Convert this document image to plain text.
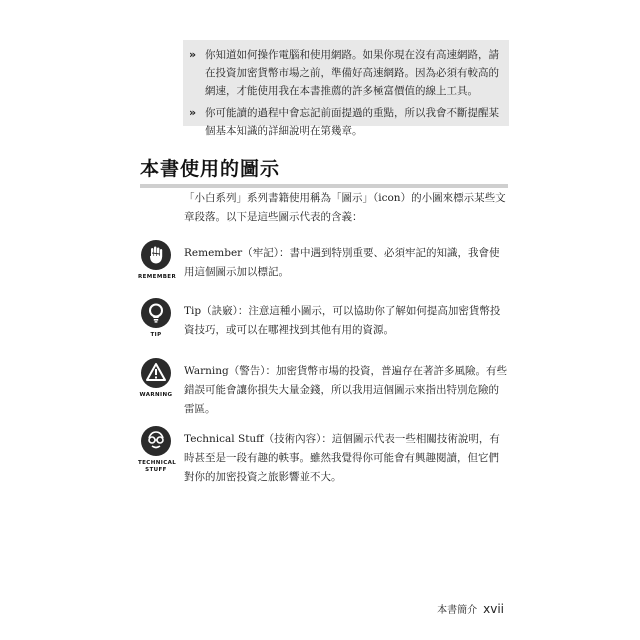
» 你知道如何操作電腦和使用網路。如果你現在沒有高速網路，請在投資加密貨幣市場之前，準備好高速網路。因為必須有較高的網速，才能使用我在本書推薦的許多極富價值的線上工具。
» 你可能讀的過程中會忘記前面提過的重點，所以我會不斷提醒某個基本知識的詳細說明在第幾章。
本書使用的圖示
「小白系列」系列書籍使用稱為「圖示」（icon）的小圖來標示某些文章段落。以下是這些圖示代表的含義：
REMEMBER
Remember（牢記）：書中遇到特別重要、必須牢記的知識，我會使用這個圖示加以標記。
TIP
Tip（訣竅）：注意這種小圖示，可以協助你了解如何提高加密貨幣投資技巧，或可以在哪裡找到其他有用的資源。
WARNING
Warning（警告）：加密貨幣市場的投資，普遍存在著許多風險。有些錯誤可能會讓你損失大量金錢，所以我用這個圖示來指出特別危險的雷區。
TECHNICAL STUFF
Technical Stuff（技術內容）：這個圖示代表一些相關技術說明，有時甚至是一段有趣的軼事。雖然我覺得你可能會有興趣閱讀，但它們對你的加密投資之旅影響並不大。
本書簡介 xvii
